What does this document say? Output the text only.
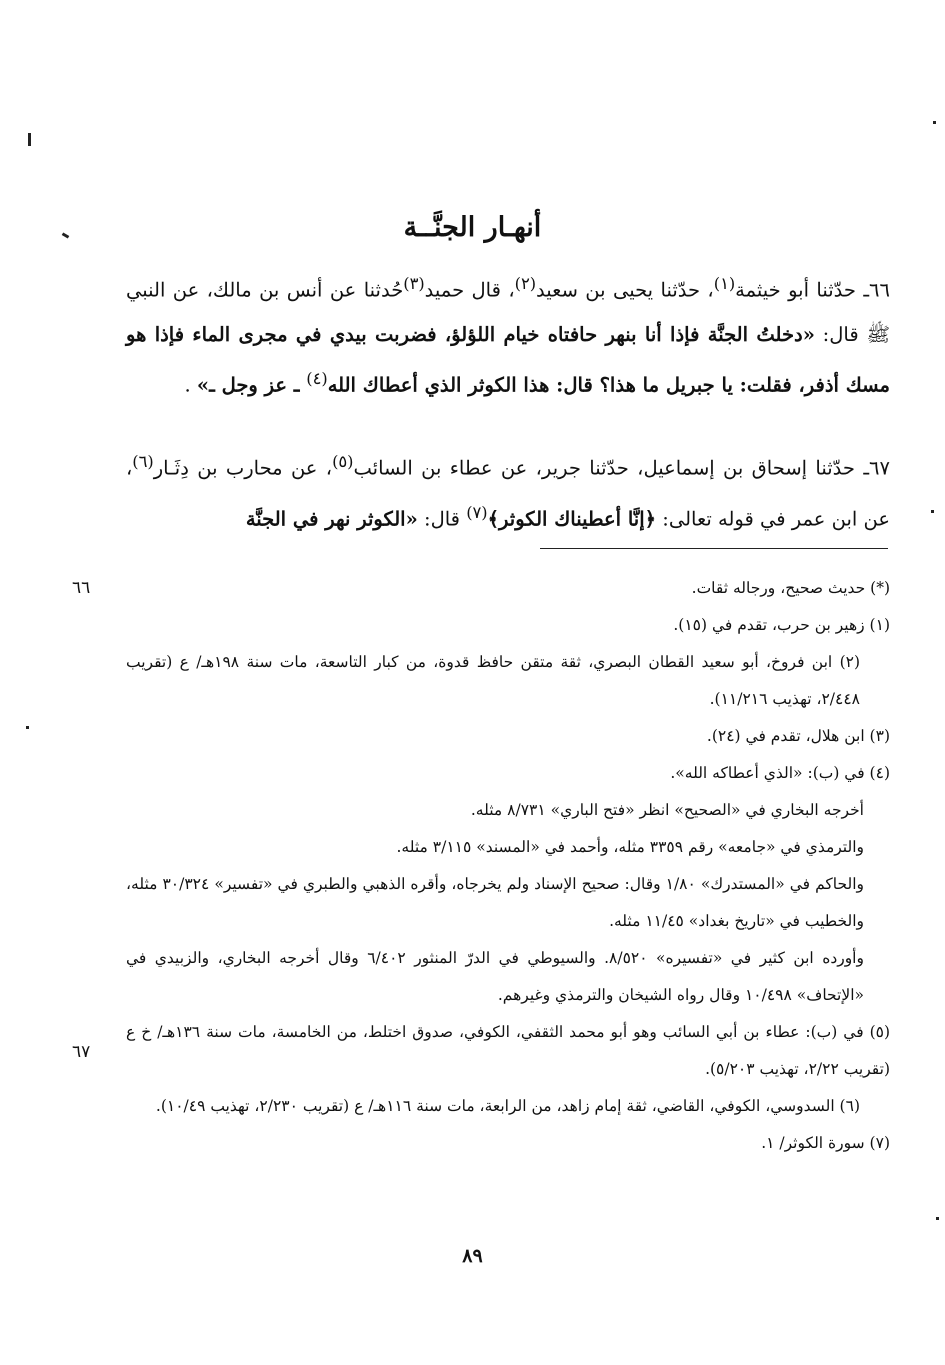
أنهـار الجنَّــة
٦٦ـ حدّثنا أبو خيثمة$^{(١)}$، حدّثنا يحيى بن سعيد$^{(٢)}$، قال حميد$^{(٣)}$حُدثنا عن أنس بن مالك، عن النبي ﷺ قال: «دخلتُ الجنَّة فإذا أنا بنهر حافتاه خيام اللؤلؤ، فضربت بيدي في مجرى الماء فإذا هو مسك أذفر، فقلت: يا جبريل ما هذا؟ قال: هذا الكوثر الذي أعطاك الله$^{(٤)}$ ـ عز وجل ـ» .
٦٧ـ حدّثنا إسحاق بن إسماعيل، حدّثنا جرير، عن عطاء بن السائب$^{(٥)}$، عن محارب بن دِثَـار$^{(٦)}$، عن ابن عمر في قوله تعالى: ﴿إنَّا أعطيناك الكوثر﴾$^{(٧)}$ قال: «الكوثر نهر في الجنَّة
٦٦
٦٧
(*) حديث صحيح، ورجاله ثقات.
(١) زهير بن حرب، تقدم في (١٥).
(٢) ابن فروخ، أبو سعيد القطان البصري، ثقة متقن حافظ قدوة، من كبار التاسعة، مات سنة ١٩٨هـ/ ع (تقريب ٢/٤٤٨، تهذيب ١١/٢١٦).
(٣) ابن هلال، تقدم في (٢٤).
(٤) في (ب): «الذي أعطاكه الله».
أخرجه البخاري في «الصحيح» انظر «فتح الباري» ٨/٧٣١ مثله.
والترمذي في «جامعه» رقم ٣٣٥٩ مثله، وأحمد في «المسند» ٣/١١٥ مثله.
والحاكم في «المستدرك» ١/٨٠ وقال: صحيح الإسناد ولم يخرجاه، وأقره الذهبي والطبري في «تفسير» ٣٠/٣٢٤ مثله، والخطيب في «تاريخ بغداد» ١١/٤٥ مثله.
وأورده ابن كثير في «تفسيره» ٨/٥٢٠. والسيوطي في الدرّ المنثور ٦/٤٠٢ وقال أخرجه البخاري، والزبيدي في «الإتحاف» ١٠/٤٩٨ وقال رواه الشيخان والترمذي وغيرهم.
(٥) في (ب): عطاء بن أبي السائب وهو أبو محمد الثقفي، الكوفي، صدوق اختلط، من الخامسة، مات سنة ١٣٦هـ/ خ ع (تقريب ٢/٢٢، تهذيب ٥/٢٠٣).
(٦) السدوسي، الكوفي، القاضي، ثقة إمام زاهد، من الرابعة، مات سنة ١١٦هـ/ ع (تقريب ٢/٢٣٠، تهذيب ١٠/٤٩).
(٧) سورة الكوثر/ ١.
٨٩
